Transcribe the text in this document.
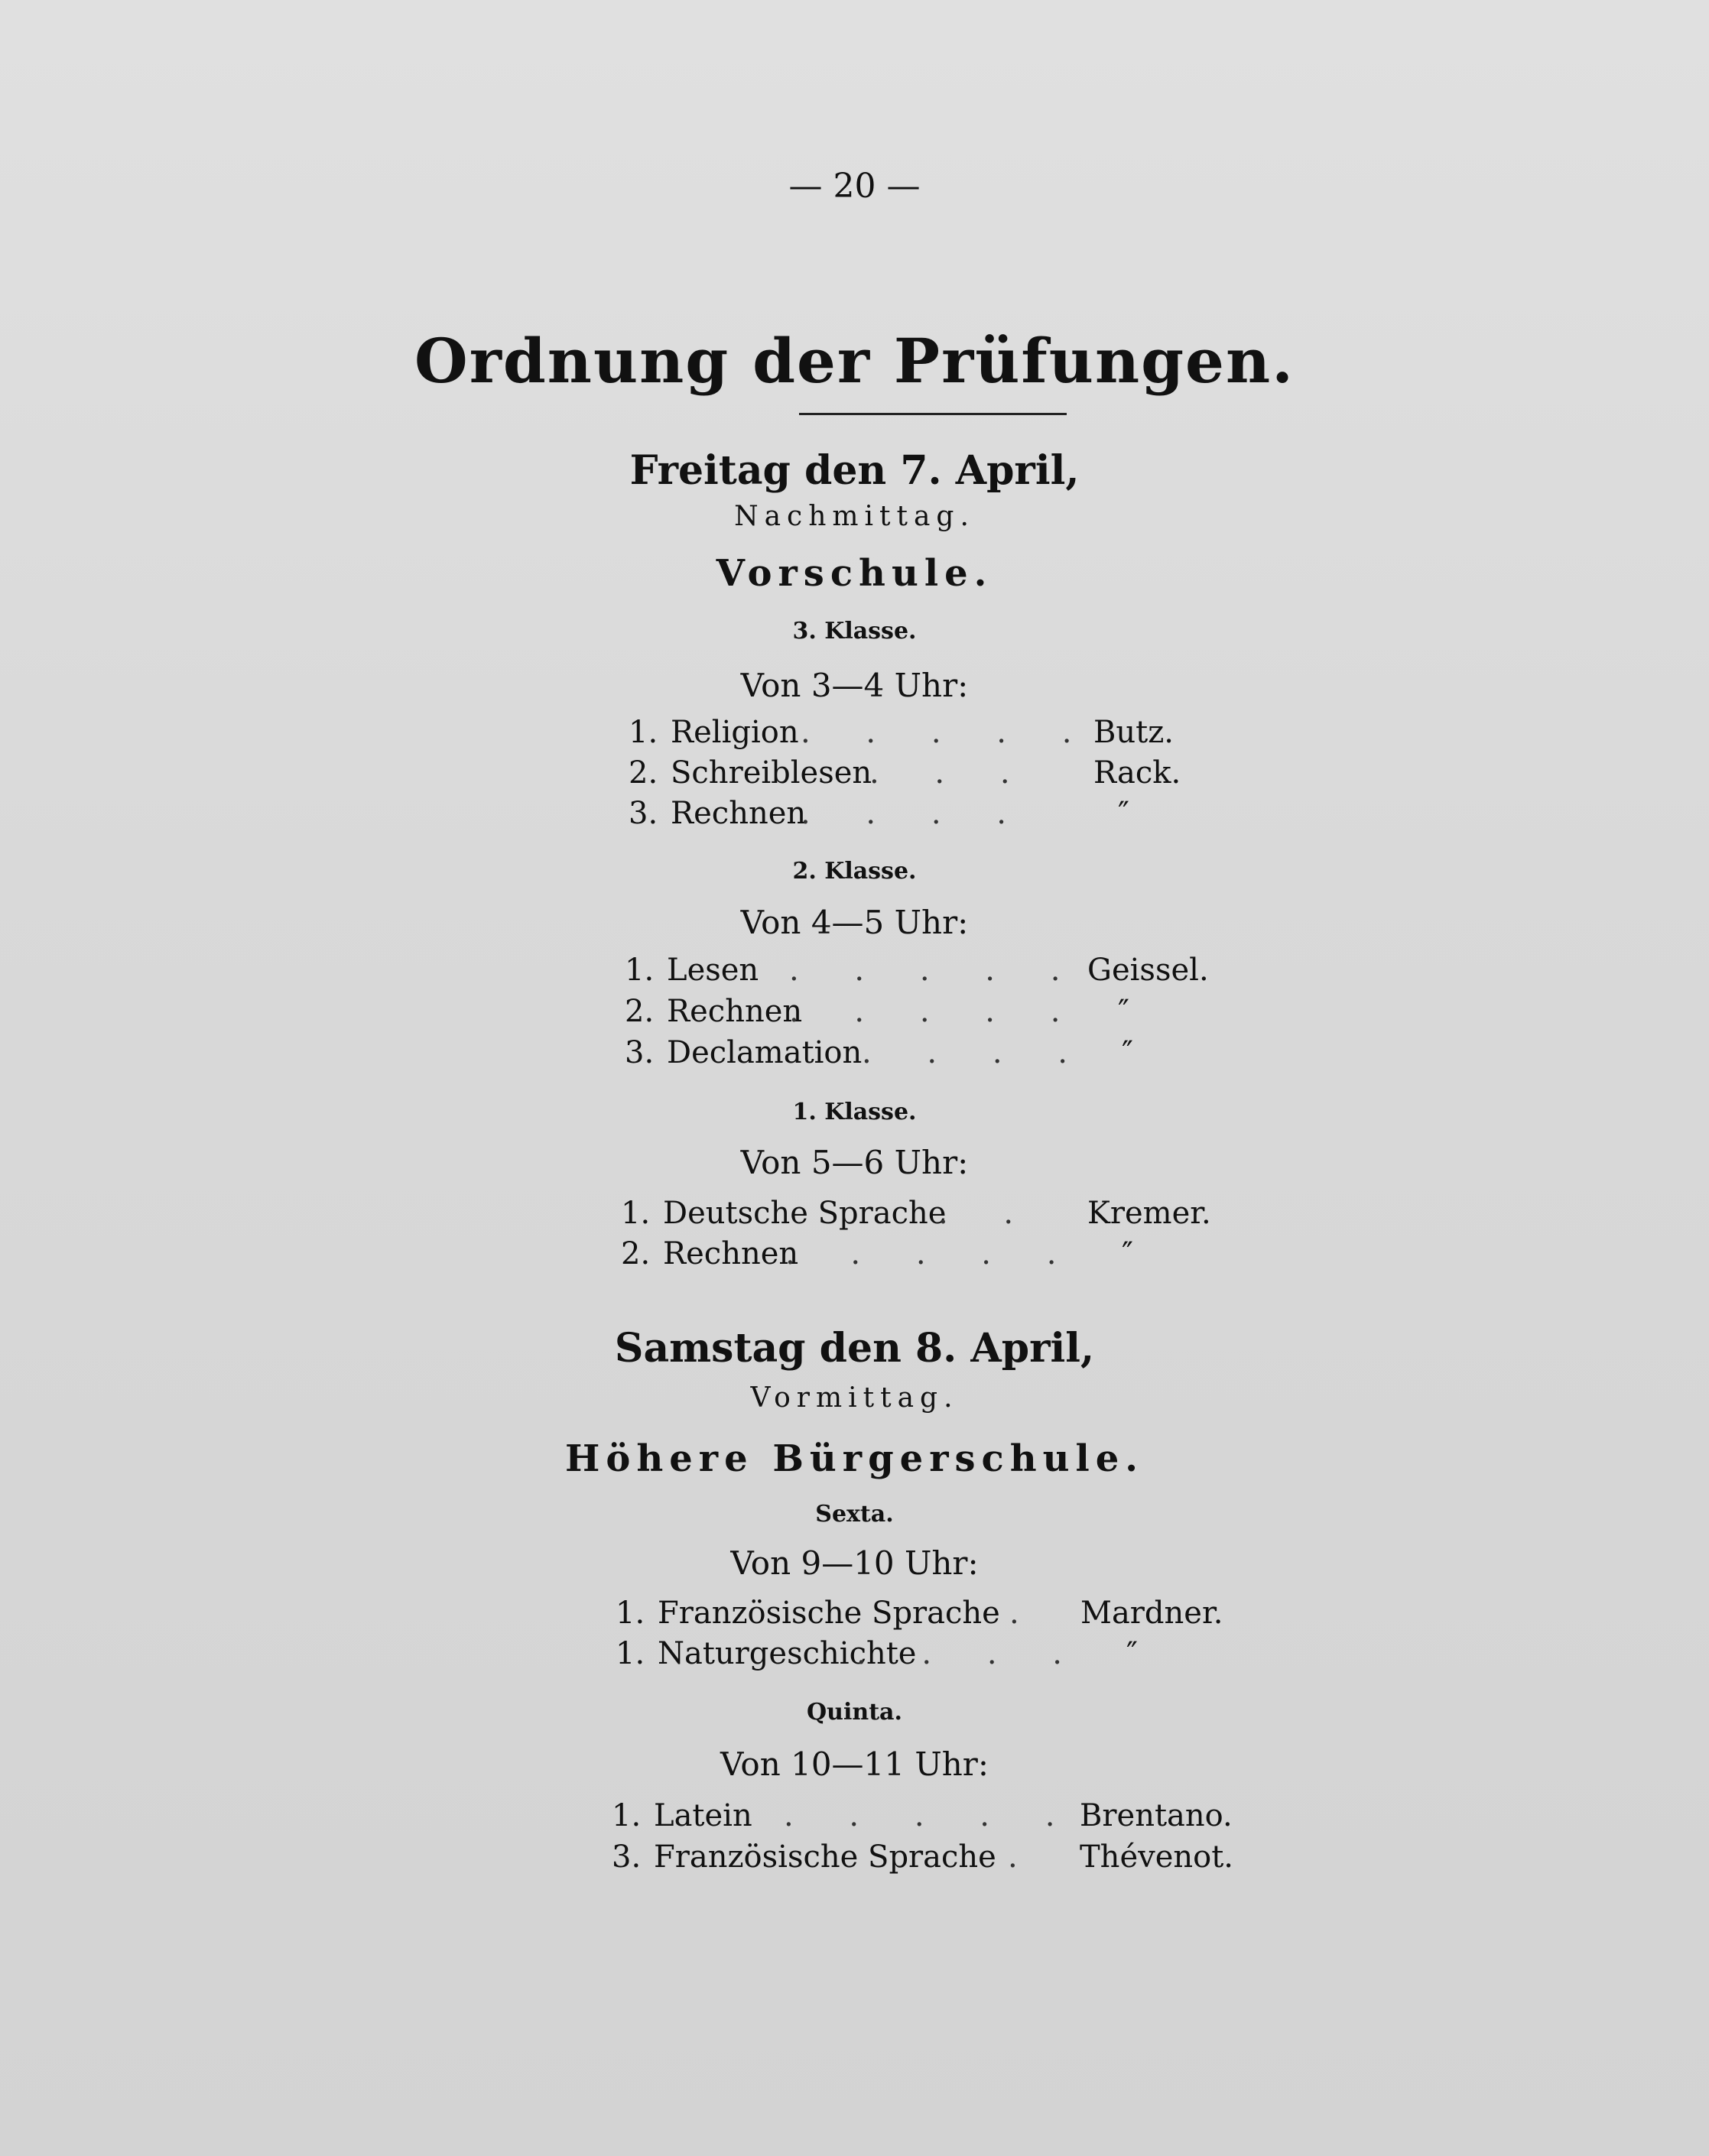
— 20 —
Ordnung der Prüfungen.
Freitag den 7. April,
Nachmittag.
Vorschule.
3. Klasse.
Von 3—4 Uhr:
1. Religion . . . . .
Butz.
2. Schreiblesen
. . . Rack.
3. Rechnen
. . . .	″
2. Klasse.
Von 4—5 Uhr:
1. Lesen . . . . . Geissel.
2. Rechnen
. . . . . ″
3. Declamation . . . . ″
1. Klasse.
Von 5—6 Uhr:
1. Deutsche Sprache
. . Kremer.
2. Rechnen
. . . . . ″
Samstag den 8. April,
Vormittag.
Höhere Bürgerschule.
Sexta.
Von 9—10 Uhr:
1. Französische Sprache . Mardner.
1. Naturgeschichte
. . . . ″
Quinta.
Von 10—11 Uhr:
1. Latein . . . . . Brentano.
3. Französische Sprache . Thévenot.
